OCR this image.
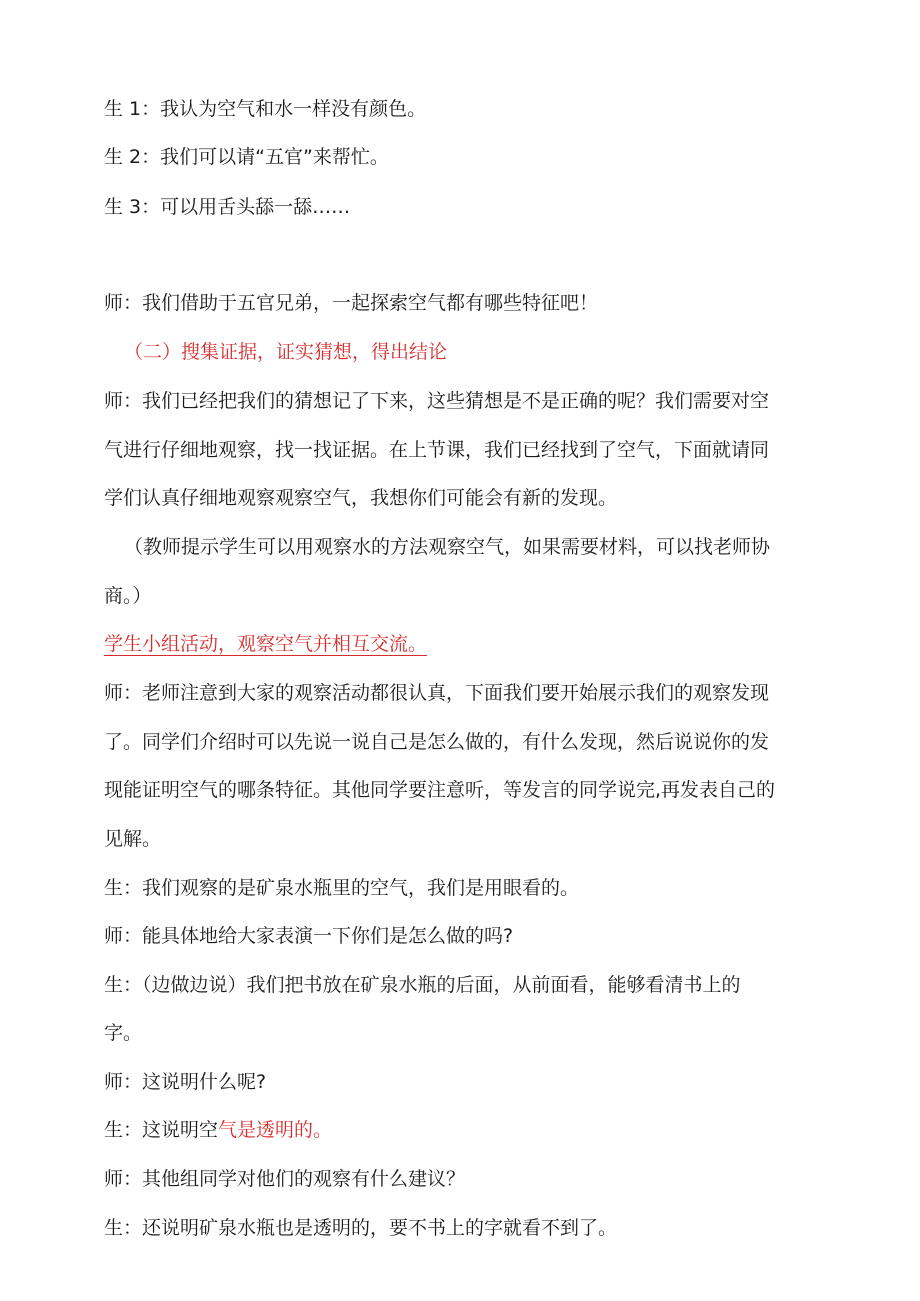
生 1：我认为空气和水一样没有颜色。
生 2：我们可以请“五官”来帮忙。
生 3：可以用舌头舔一舔……
师：我们借助于五官兄弟，一起探索空气都有哪些特征吧！
（二）搜集证据，证实猜想，得出结论
师：我们已经把我们的猜想记了下来，这些猜想是不是正确的呢？我们需要对空
气进行仔细地观察，找一找证据。在上节课，我们已经找到了空气，下面就请同
学们认真仔细地观察观察空气，我想你们可能会有新的发现。
（教师提示学生可以用观察水的方法观察空气，如果需要材料，可以找老师协
商。）
学生小组活动，观察空气并相互交流。
师：老师注意到大家的观察活动都很认真，下面我们要开始展示我们的观察发现
了。同学们介绍时可以先说一说自己是怎么做的，有什么发现，然后说说你的发
现能证明空气的哪条特征。其他同学要注意听，等发言的同学说完,再发表自己的
见解。
生：我们观察的是矿泉水瓶里的空气，我们是用眼看的。
师：能具体地给大家表演一下你们是怎么做的吗?
生：（边做边说）我们把书放在矿泉水瓶的后面，从前面看，能够看清书上的
字。
师：这说明什么呢?
生：这说明空气是透明的。
师：其他组同学对他们的观察有什么建议？
生：还说明矿泉水瓶也是透明的，要不书上的字就看不到了。
